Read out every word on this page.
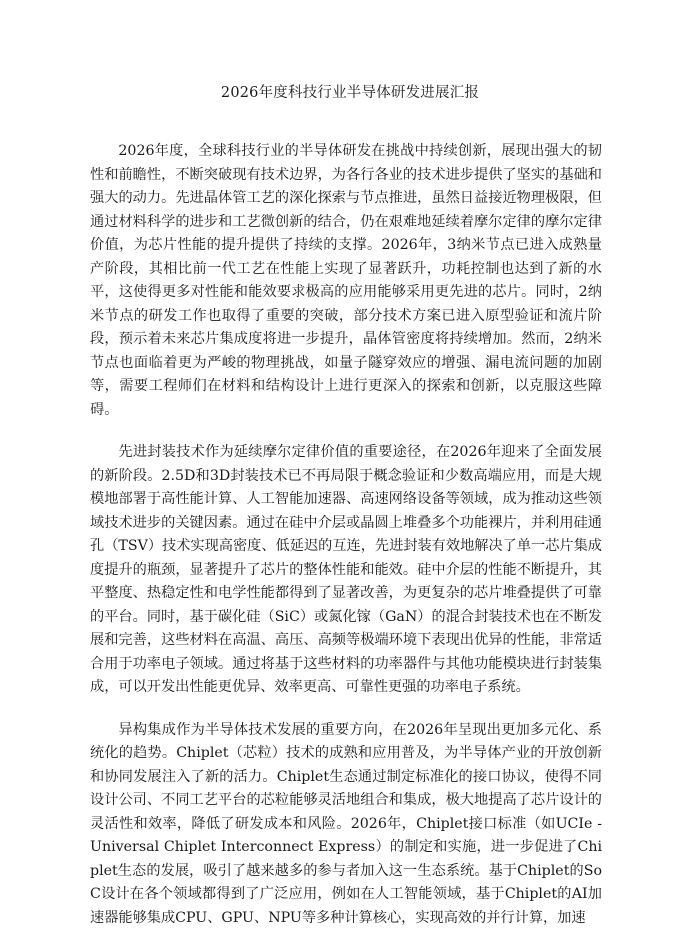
2026年度科技行业半导体研发进展汇报

2026年度，全球科技行业的半导体研发在挑战中持续创新，展现出强大的韧性和前瞻性，不断突破现有技术边界，为各行各业的技术进步提供了坚实的基础和强大的动力。先进晶体管工艺的深化探索与节点推进，虽然日益接近物理极限，但通过材料科学的进步和工艺微创新的结合，仍在艰难地延续着摩尔定律的摩尔定律价值，为芯片性能的提升提供了持续的支撑。2026年，3纳米节点已进入成熟量产阶段，其相比前一代工艺在性能上实现了显著跃升，功耗控制也达到了新的水平，这使得更多对性能和能效要求极高的应用能够采用更先进的芯片。同时，2纳米节点的研发工作也取得了重要的突破，部分技术方案已进入原型验证和流片阶段，预示着未来芯片集成度将进一步提升，晶体管密度将持续增加。然而，2纳米节点也面临着更为严峻的物理挑战，如量子隧穿效应的增强、漏电流问题的加剧等，需要工程师们在材料和结构设计上进行更深入的探索和创新，以克服这些障碍。

先进封装技术作为延续摩尔定律价值的重要途径，在2026年迎来了全面发展的新阶段。2.5D和3D封装技术已不再局限于概念验证和少数高端应用，而是大规模地部署于高性能计算、人工智能加速器、高速网络设备等领域，成为推动这些领域技术进步的关键因素。通过在硅中介层或晶圆上堆叠多个功能裸片，并利用硅通孔（TSV）技术实现高密度、低延迟的互连，先进封装有效地解决了单一芯片集成度提升的瓶颈，显著提升了芯片的整体性能和能效。硅中介层的性能不断提升，其平整度、热稳定性和电学性能都得到了显著改善，为更复杂的芯片堆叠提供了可靠的平台。同时，基于碳化硅（SiC）或氮化镓（GaN）的混合封装技术也在不断发展和完善，这些材料在高温、高压、高频等极端环境下表现出优异的性能，非常适合用于功率电子领域。通过将基于这些材料的功率器件与其他功能模块进行封装集成，可以开发出性能更优异、效率更高、可靠性更强的功率电子系统。

异构集成作为半导体技术发展的重要方向，在2026年呈现出更加多元化、系统化的趋势。Chiplet（芯粒）技术的成熟和应用普及，为半导体产业的开放创新和协同发展注入了新的活力。Chiplet生态通过制定标准化的接口协议，使得不同设计公司、不同工艺平台的芯粒能够灵活地组合和集成，极大地提高了芯片设计的灵活性和效率，降低了研发成本和风险。2026年，Chiplet接口标准（如UCIe - Universal Chiplet Interconnect Express）的制定和实施，进一步促进了Chiplet生态的发展，吸引了越来越多的参与者加入这一生态系统。基于Chiplet的SoC设计在各个领域都得到了广泛应用，例如在人工智能领域，基于Chiplet的AI加速器能够集成CPU、GPU、NPU等多种计算核心，实现高效的并行计算，加速
